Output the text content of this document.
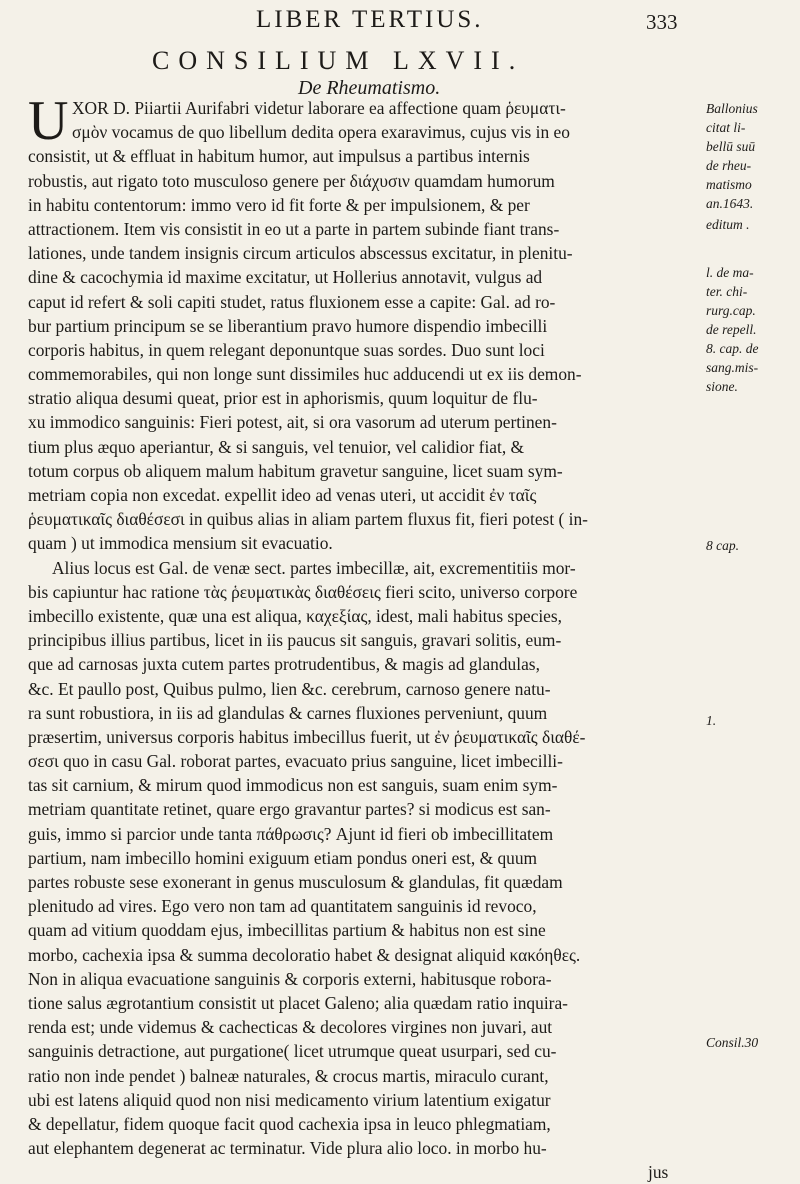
LIBER TERTIUS.	333
CONSILIUM LXVII.
De Rheumatismo.
U XOR D. Piiartii Aurifabri videtur laborare ea affectione quam ῥευματι-
σμὸν vocamus de quo libellum dedita opera exaravimus, cujus vis in eo
consistit, ut & effluat in habitum humor, aut impulsus a partibus internis
robustis, aut rigato toto musculoso genere per διάχυσιν quamdam humorum
in habitu contentorum: immo vero id fit forte & per impulsionem, & per
attractionem. Item vis consistit in eo ut a parte in partem subinde fiant trans-
lationes, unde tandem insignis circum articulos abscessus excitatur, in plenitu-
dine & cacochymia id maxime excitatur, ut Hollerius annotavit, vulgus ad
caput id refert & soli capiti studet, ratus fluxionem esse a capite: Gal. ad ro-
bur partium principum se se liberantium pravo humore dispendio imbecilli
corporis habitus, in quem relegant deponuntque suas sordes. Duo sunt loci
commemorabiles, qui non longe sunt dissimiles huc adducendi ut ex iis demon-
stratio aliqua desumi queat, prior est in aphorismis, quum loquitur de flu-
xu immodico sanguinis: Fieri potest, ait, si ora vasorum ad uterum pertinen-
tium plus æquo aperiantur, & si sanguis, vel tenuior, vel calidior fiat, &
totum corpus ob aliquem malum habitum gravetur sanguine, licet suam sym-
metriam copia non excedat. expellit ideo ad venas uteri, ut accidit ἐν ταῖς
ῥευματικαῖς διαθέσεσι in quibus alias in aliam partem fluxus fit, fieri potest ( in-
quam ) ut immodica mensium sit evacuatio.
Alius locus est Gal. de venæ sect. partes imbecillæ, ait, excrementitiis mor-
bis capiuntur hac ratione τὰς ῥευματικὰς διαθέσεις fieri scito, universo corpore
imbecillo existente, quæ una est aliqua, καχεξίας, idest, mali habitus species,
principibus illius partibus, licet in iis paucus sit sanguis, gravari solitis, eum-
que ad carnosas juxta cutem partes protrudentibus, & magis ad glandulas,
&c. Et paullo post, Quibus pulmo, lien &c. cerebrum, carnoso genere natu-
ra sunt robustiora, in iis ad glandulas & carnes fluxiones perveniunt, quum
præsertim, universus corporis habitus imbecillus fuerit, ut ἐν ῥευματικαῖς διαθέ-
σεσι quo in casu Gal. roborat partes, evacuato prius sanguine, licet imbecilli-
tas sit carnium, & mirum quod immodicus non est sanguis, suam enim sym-
metriam quantitate retinet, quare ergo gravantur partes? si modicus est san-
guis, immo si parcior unde tanta πάθρωσις? Ajunt id fieri ob imbecillitatem
partium, nam imbecillo homini exiguum etiam pondus oneri est, & quum
partes robuste sese exonerant in genus musculosum & glandulas, fit quædam
plenitudo ad vires. Ego vero non tam ad quantitatem sanguinis id revoco,
quam ad vitium quoddam ejus, imbecillitas partium & habitus non est sine
morbo, cachexia ipsa & summa decoloratio habet & designat aliquid κακόηθες.
Non in aliqua evacuatione sanguinis & corporis externi, habitusque robora-
tione salus ægrotantium consistit ut placet Galeno; alia quædam ratio inquira-
renda est; unde videmus & cachecticas & decolores virgines non juvari, aut
sanguinis detractione, aut purgatione( licet utrumque queat usurpari, sed cu-
ratio non inde pendet ) balneæ naturales, & crocus martis, miraculo curant,
ubi est latens aliquid quod non nisi medicamento virium latentium exigatur
& depellatur, fidem quoque facit quod cachexia ipsa in leuco phlegmatiam,
aut elephantem degenerat ac terminatur. Vide plura alio loco. in morbo hu-
jus
Ballonius
citat li-
bellū suū
de rheu-
matismo
an.1643.
editum .
l. de ma-
ter. chi-
rurg.cap.
de repell.
8. cap. de
sang.mis-
sione.
8 cap.
1.
Consil.30
